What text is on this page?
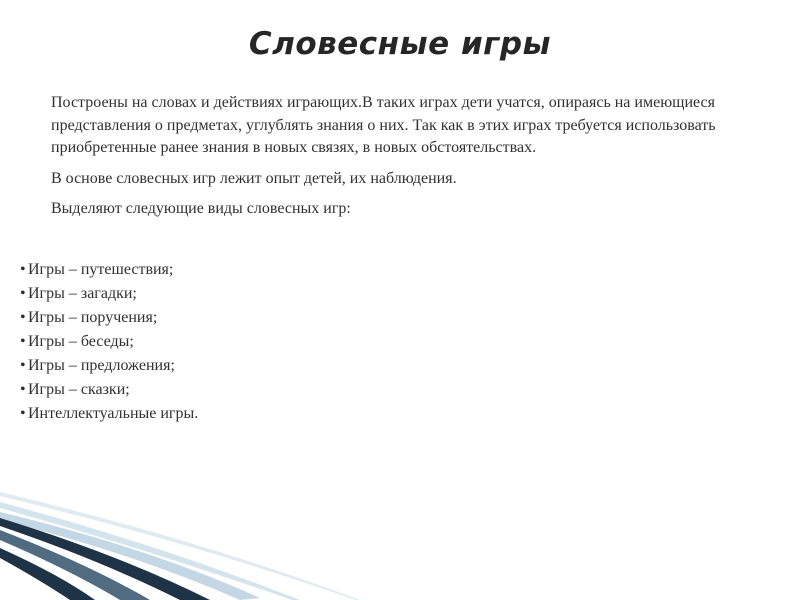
Словесные игры

Построены на словах и действиях играющих.В таких играх дети учатся, опираясь на имеющиеся представления о предметах, углублять знания о них. Так как в этих играх требуется использовать приобретенные ранее знания в новых связях, в новых обстоятельствах.

В основе словесных игр лежит опыт детей, их наблюдения.

Выделяют следующие виды словесных игр:

• Игры – путешествия;
• Игры – загадки;
• Игры – поручения;
• Игры – беседы;
• Игры – предложения;
• Игры – сказки;
• Интеллектуальные игры.
